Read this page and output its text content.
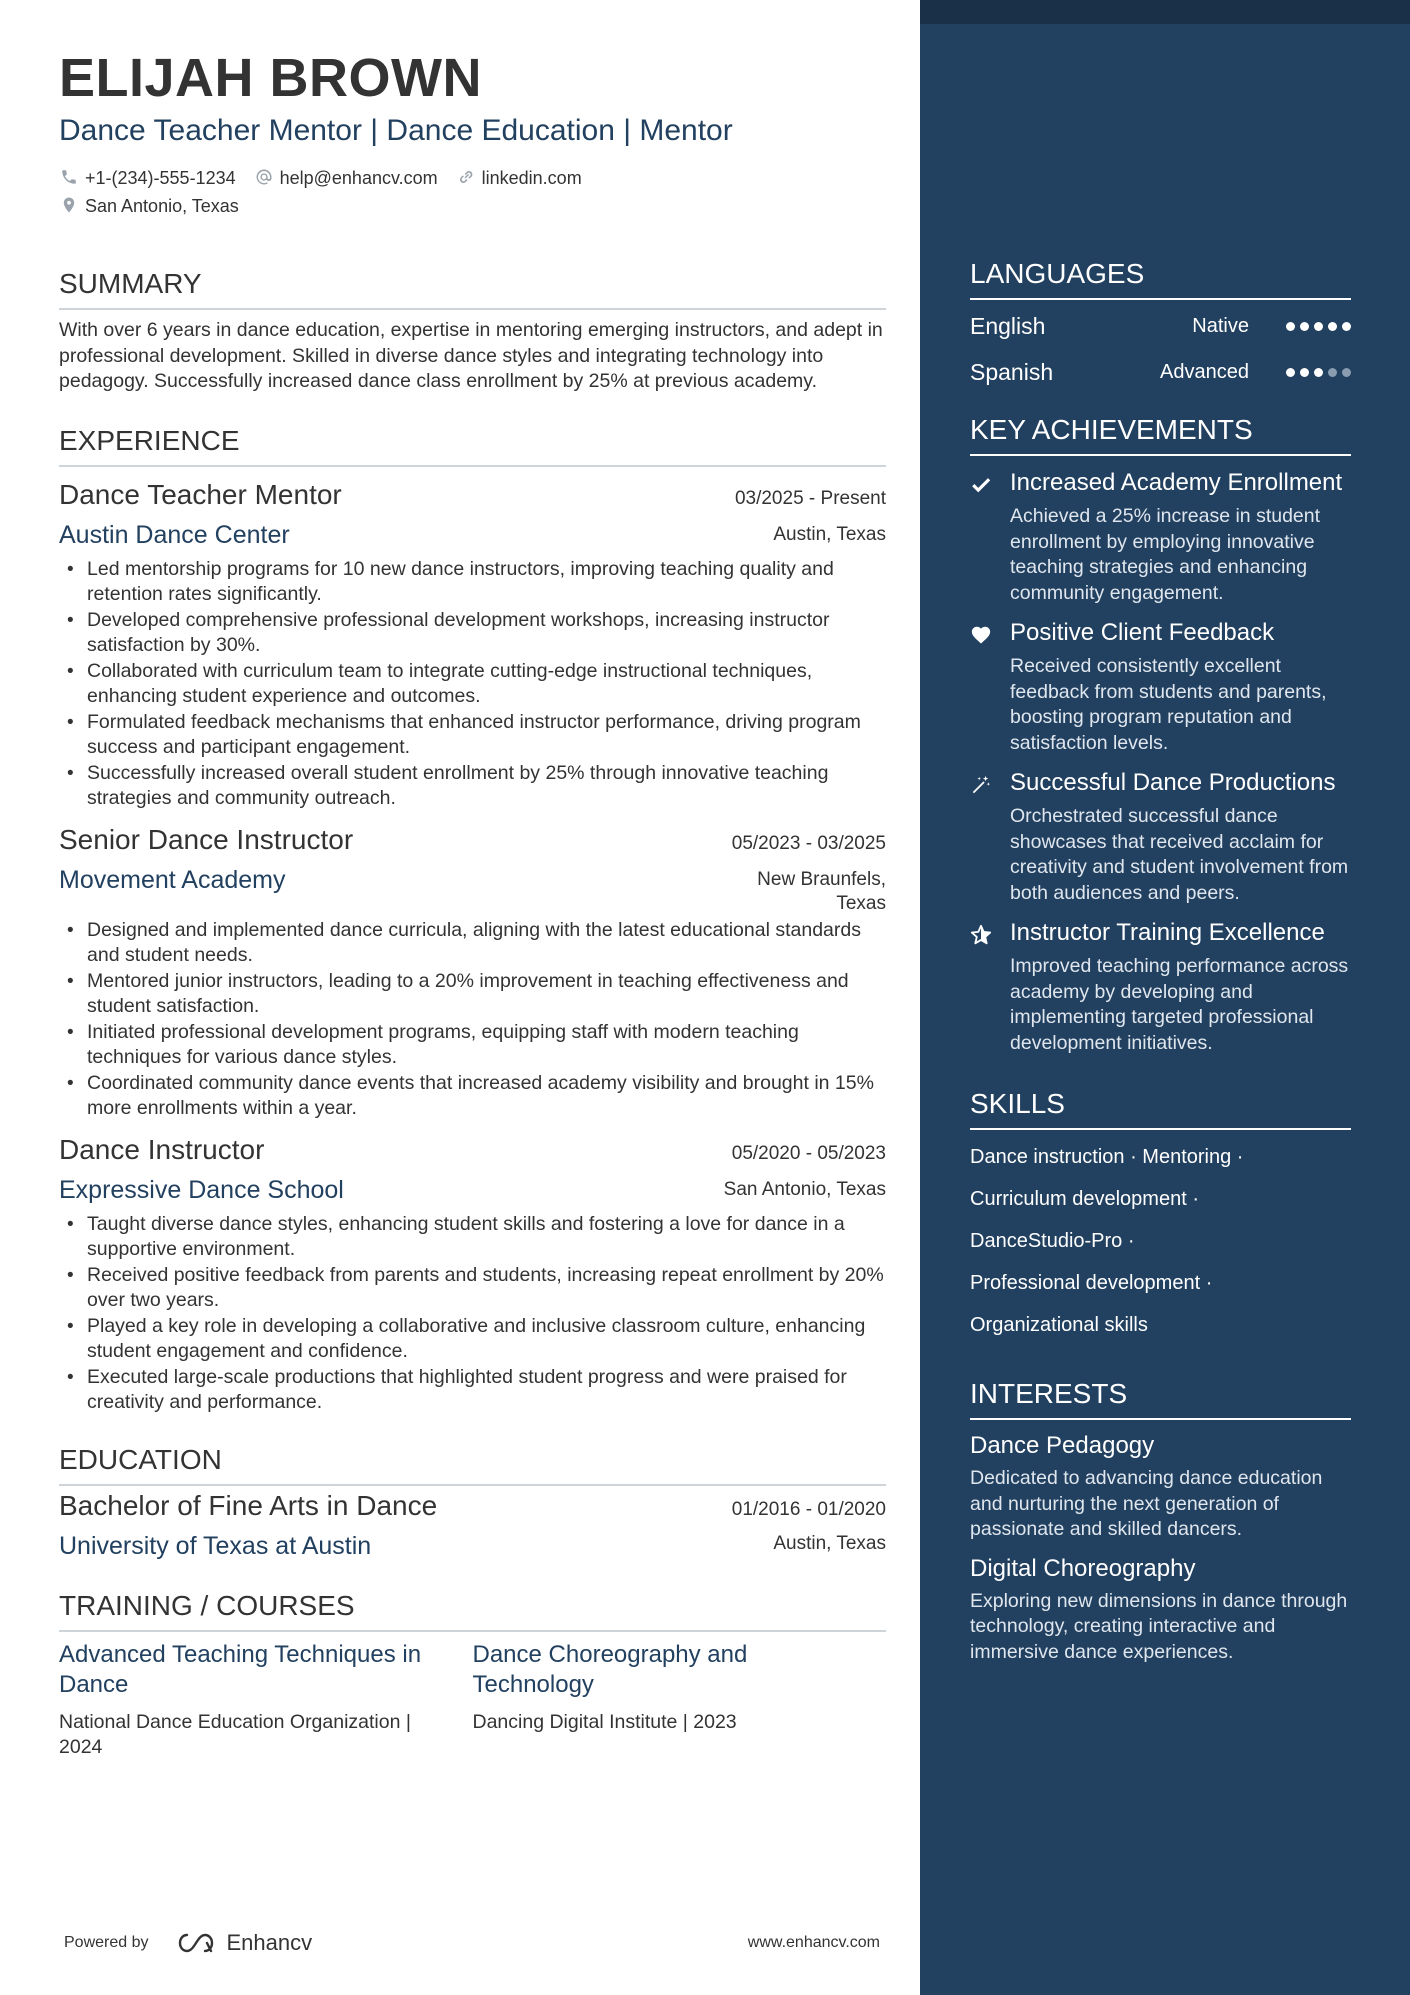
ELIJAH BROWN
Dance Teacher Mentor | Dance Education | Mentor
+1-(234)-555-1234 help@enhancv.com linkedin.com
San Antonio, Texas
SUMMARY
With over 6 years in dance education, expertise in mentoring emerging instructors, and adept in professional development. Skilled in diverse dance styles and integrating technology into pedagogy. Successfully increased dance class enrollment by 25% at previous academy.
EXPERIENCE
Dance Teacher Mentor	03/2025 - Present
Austin Dance Center	Austin, Texas
• Led mentorship programs for 10 new dance instructors, improving teaching quality and retention rates significantly.
• Developed comprehensive professional development workshops, increasing instructor satisfaction by 30%.
• Collaborated with curriculum team to integrate cutting-edge instructional techniques, enhancing student experience and outcomes.
• Formulated feedback mechanisms that enhanced instructor performance, driving program success and participant engagement.
• Successfully increased overall student enrollment by 25% through innovative teaching strategies and community outreach.
Senior Dance Instructor	05/2023 - 03/2025
Movement Academy	New Braunfels, Texas
• Designed and implemented dance curricula, aligning with the latest educational standards and student needs.
• Mentored junior instructors, leading to a 20% improvement in teaching effectiveness and student satisfaction.
• Initiated professional development programs, equipping staff with modern teaching techniques for various dance styles.
• Coordinated community dance events that increased academy visibility and brought in 15% more enrollments within a year.
Dance Instructor	05/2020 - 05/2023
Expressive Dance School	San Antonio, Texas
• Taught diverse dance styles, enhancing student skills and fostering a love for dance in a supportive environment.
• Received positive feedback from parents and students, increasing repeat enrollment by 20% over two years.
• Played a key role in developing a collaborative and inclusive classroom culture, enhancing student engagement and confidence.
• Executed large-scale productions that highlighted student progress and were praised for creativity and performance.
EDUCATION
Bachelor of Fine Arts in Dance	01/2016 - 01/2020
University of Texas at Austin	Austin, Texas
TRAINING / COURSES
Advanced Teaching Techniques in Dance
National Dance Education Organization | 2024
Dance Choreography and Technology
Dancing Digital Institute | 2023
Powered by	Enhancv	www.enhancv.com
LANGUAGES
English	Native
Spanish	Advanced
KEY ACHIEVEMENTS
Increased Academy Enrollment
Achieved a 25% increase in student enrollment by employing innovative teaching strategies and enhancing community engagement.
Positive Client Feedback
Received consistently excellent feedback from students and parents, boosting program reputation and satisfaction levels.
Successful Dance Productions
Orchestrated successful dance showcases that received acclaim for creativity and student involvement from both audiences and peers.
Instructor Training Excellence
Improved teaching performance across academy by developing and implementing targeted professional development initiatives.
SKILLS
Dance instruction · Mentoring ·
Curriculum development ·
DanceStudio-Pro ·
Professional development ·
Organizational skills
INTERESTS
Dance Pedagogy
Dedicated to advancing dance education and nurturing the next generation of passionate and skilled dancers.
Digital Choreography
Exploring new dimensions in dance through technology, creating interactive and immersive dance experiences.
